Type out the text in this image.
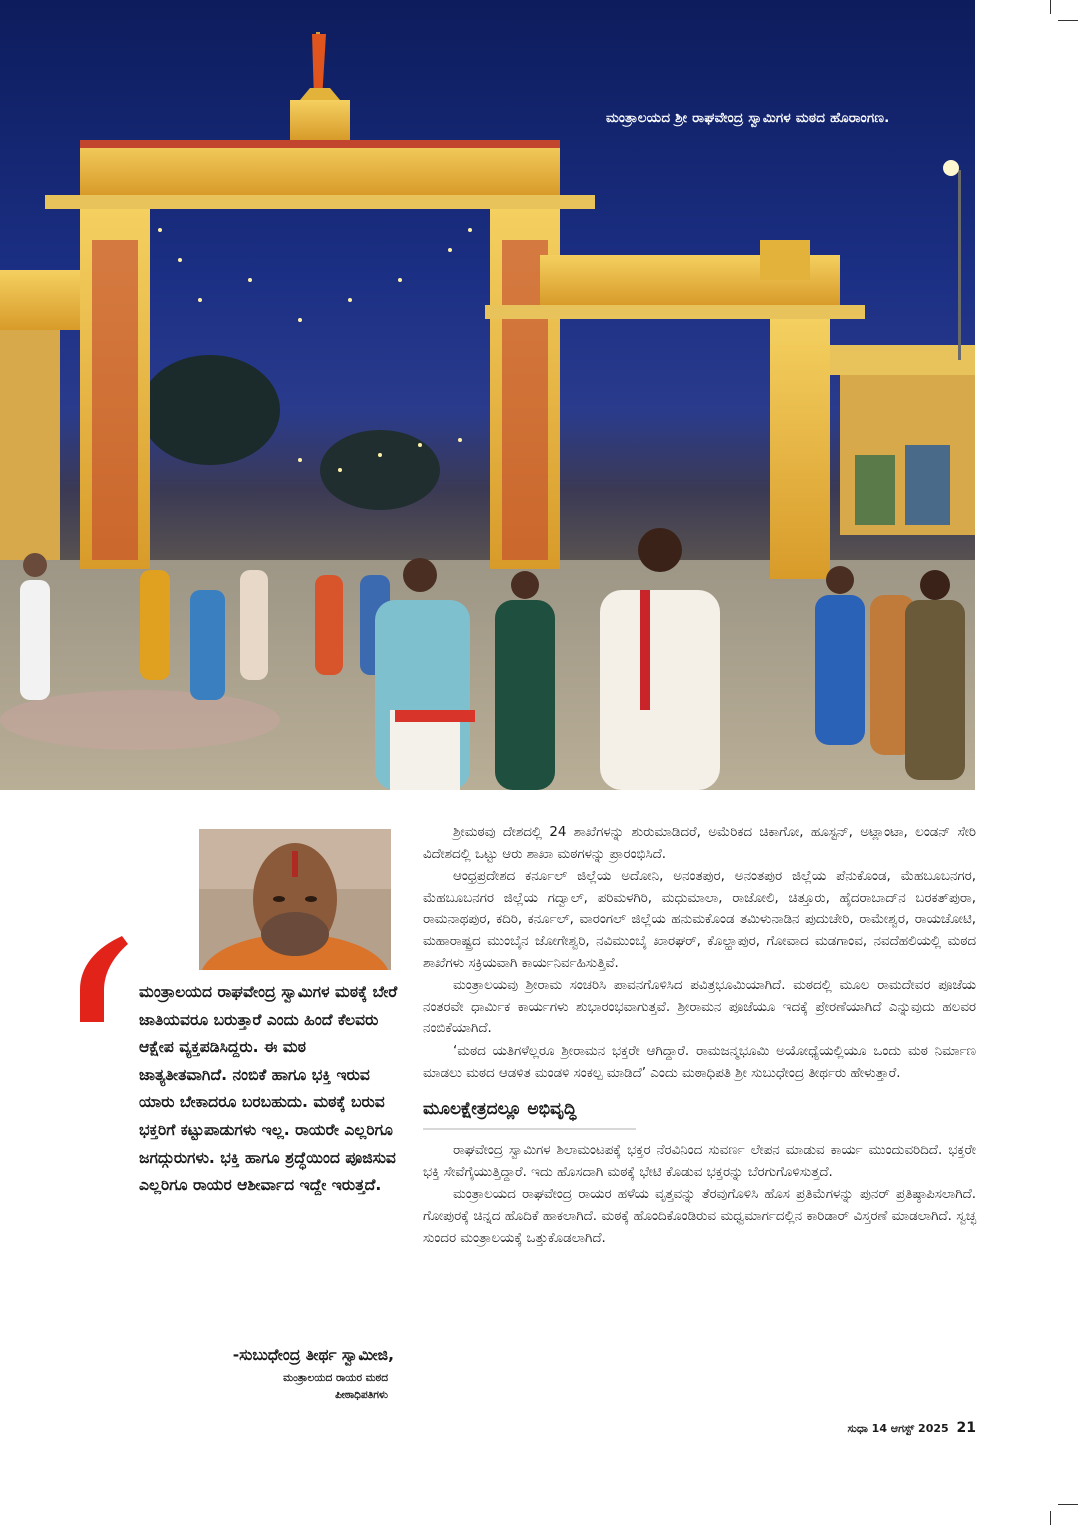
ಮಂತ್ರಾಲಯದ ಶ್ರೀ ರಾಘವೇಂದ್ರ ಸ್ವಾಮಿಗಳ ಮಠದ ಹೊರಾಂಗಣ.
ಮಂತ್ರಾಲಯದ ರಾಘವೇಂದ್ರ ಸ್ವಾಮಿಗಳ ಮಠಕ್ಕೆ ಬೇರೆ ಜಾತಿಯವರೂ ಬರುತ್ತಾರೆ ಎಂದು ಹಿಂದೆ ಕೆಲವರು ಆಕ್ಷೇಪ ವ್ಯಕ್ತಪಡಿಸಿದ್ದರು. ಈ ಮಠ ಜಾತ್ಯತೀತವಾಗಿದೆ. ನಂಬಿಕೆ ಹಾಗೂ ಭಕ್ತಿ ಇರುವ ಯಾರು ಬೇಕಾದರೂ ಬರಬಹುದು. ಮಠಕ್ಕೆ ಬರುವ ಭಕ್ತರಿಗೆ ಕಟ್ಟುಪಾಡುಗಳು ಇಲ್ಲ. ರಾಯರೇ ಎಲ್ಲರಿಗೂ ಜಗದ್ಗುರುಗಳು. ಭಕ್ತಿ ಹಾಗೂ ಶ್ರದ್ಧೆಯಿಂದ ಪೂಜಿಸುವ ಎಲ್ಲರಿಗೂ ರಾಯರ ಆಶೀರ್ವಾದ ಇದ್ದೇ ಇರುತ್ತದೆ.
-ಸುಬುಧೇಂದ್ರ ತೀರ್ಥ ಸ್ವಾಮೀಜಿ,
ಮಂತ್ರಾಲಯದ ರಾಯರ ಮಠದ
ಪೀಠಾಧಿಪತಿಗಳು

ಶ್ರೀಮಠವು ದೇಶದಲ್ಲಿ 24 ಶಾಖೆಗಳನ್ನು ಶುರುಮಾಡಿದರೆ, ಅಮೆರಿಕದ ಚಿಕಾಗೋ, ಹೂಸ್ಟನ್, ಅಟ್ಲಾಂಟಾ, ಲಂಡನ್ ಸೇರಿ ವಿದೇಶದಲ್ಲಿ ಒಟ್ಟು ಆರು ಶಾಖಾ ಮಠಗಳನ್ನು ಪ್ರಾರಂಭಿಸಿದೆ.

ಆಂಧ್ರಪ್ರದೇಶದ ಕರ್ನೂಲ್ ಜಿಲ್ಲೆಯ ಅದೋನಿ, ಅನಂತಪುರ, ಅನಂತಪುರ ಜಿಲ್ಲೆಯ ಪೆನುಕೊಂಡ, ಮೆಹಬೂಬನಗರ, ಮೆಹಬೂಬನಗರ ಜಿಲ್ಲೆಯ ಗದ್ವಾಲ್, ಪರಿಮಳಗಿರಿ, ಮಧುಮಾಲಾ, ರಾಜೋಲಿ, ಚಿತ್ತೂರು, ಹೈದರಾಬಾದ್‌ನ ಬರಕತ್‌ಪುರಾ, ರಾಮನಾಥಪುರ, ಕದಿರಿ, ಕರ್ನೂಲ್, ವಾರಂಗಲ್ ಜಿಲ್ಲೆಯ ಹನುಮಕೊಂಡ ತಮಿಳುನಾಡಿನ ಪುದುಚೇರಿ, ರಾಮೇಶ್ವರ, ರಾಯಚೋಟಿ, ಮಹಾರಾಷ್ಟ್ರದ ಮುಂಬೈನ ಜೋಗೇಶ್ವರಿ, ನವಿಮುಂಬೈ ಖಾರಘರ್, ಕೊಲ್ಹಾಪುರ, ಗೋವಾದ ಮಡಗಾಂವ, ನವದೆಹಲಿಯಲ್ಲಿ ಮಠದ ಶಾಖೆಗಳು ಸಕ್ರಿಯವಾಗಿ ಕಾರ್ಯನಿರ್ವಹಿಸುತ್ತಿವೆ.

ಮಂತ್ರಾಲಯವು ಶ್ರೀರಾಮ ಸಂಚರಿಸಿ ಪಾವನಗೊಳಿಸಿದ ಪವಿತ್ರಭೂಮಿಯಾಗಿದೆ. ಮಠದಲ್ಲಿ ಮೂಲ ರಾಮದೇವರ ಪೂಜೆಯ ನಂತರವೇ ಧಾರ್ಮಿಕ ಕಾರ್ಯಗಳು ಶುಭಾರಂಭವಾಗುತ್ತವೆ. ಶ್ರೀರಾಮನ ಪೂಜೆಯೂ ಇದಕ್ಕೆ ಪ್ರೇರಣೆಯಾಗಿದೆ ಎನ್ನುವುದು ಹಲವರ ನಂಬಿಕೆಯಾಗಿದೆ.

‘ಮಠದ ಯತಿಗಳೆಲ್ಲರೂ ಶ್ರೀರಾಮನ ಭಕ್ತರೇ ಆಗಿದ್ದಾರೆ. ರಾಮಜನ್ಮಭೂಮಿ ಅಯೋಧ್ಯೆಯಲ್ಲಿಯೂ ಒಂದು ಮಠ ನಿರ್ಮಾಣ ಮಾಡಲು ಮಠದ ಆಡಳಿತ ಮಂಡಳಿ ಸಂಕಲ್ಪ ಮಾಡಿದೆ’ ಎಂದು ಮಠಾಧಿಪತಿ ಶ್ರೀ ಸುಬುಧೇಂದ್ರ ತೀರ್ಥರು ಹೇಳುತ್ತಾರೆ.

ಮೂಲಕ್ಷೇತ್ರದಲ್ಲೂ ಅಭಿವೃದ್ಧಿ

ರಾಘವೇಂದ್ರ ಸ್ವಾಮಿಗಳ ಶಿಲಾಮಂಟಪಕ್ಕೆ ಭಕ್ತರ ನೆರವಿನಿಂದ ಸುವರ್ಣ ಲೇಪನ ಮಾಡುವ ಕಾರ್ಯ ಮುಂದುವರಿದಿದೆ. ಭಕ್ತರೇ ಭಕ್ತಿ ಸೇವೆಗೈಯುತ್ತಿದ್ದಾರೆ. ಇದು ಹೊಸದಾಗಿ ಮಠಕ್ಕೆ ಭೇಟಿ ಕೊಡುವ ಭಕ್ತರನ್ನು ಬೆರಗುಗೊಳಿಸುತ್ತದೆ.

ಮಂತ್ರಾಲಯದ ರಾಘವೇಂದ್ರ ರಾಯರ ಹಳೆಯ ವೃತ್ತವನ್ನು ತೆರವುಗೊಳಿಸಿ ಹೊಸ ಪ್ರತಿಮೆಗಳನ್ನು ಪುನರ್ ಪ್ರತಿಷ್ಠಾಪಿಸಲಾಗಿದೆ. ಗೋಪುರಕ್ಕೆ ಚಿನ್ನದ ಹೊದಿಕೆ ಹಾಕಲಾಗಿದೆ. ಮಠಕ್ಕೆ ಹೊಂದಿಕೊಂಡಿರುವ ಮಧ್ವಮಾರ್ಗದಲ್ಲಿನ ಕಾರಿಡಾರ್ ವಿಸ್ತರಣೆ ಮಾಡಲಾಗಿದೆ. ಸ್ವಚ್ಛ ಸುಂದರ ಮಂತ್ರಾಲಯಕ್ಕೆ ಒತ್ತುಕೊಡಲಾಗಿದೆ.

ಸುಧಾ 14 ಆಗಸ್ಟ್ 2025 21
